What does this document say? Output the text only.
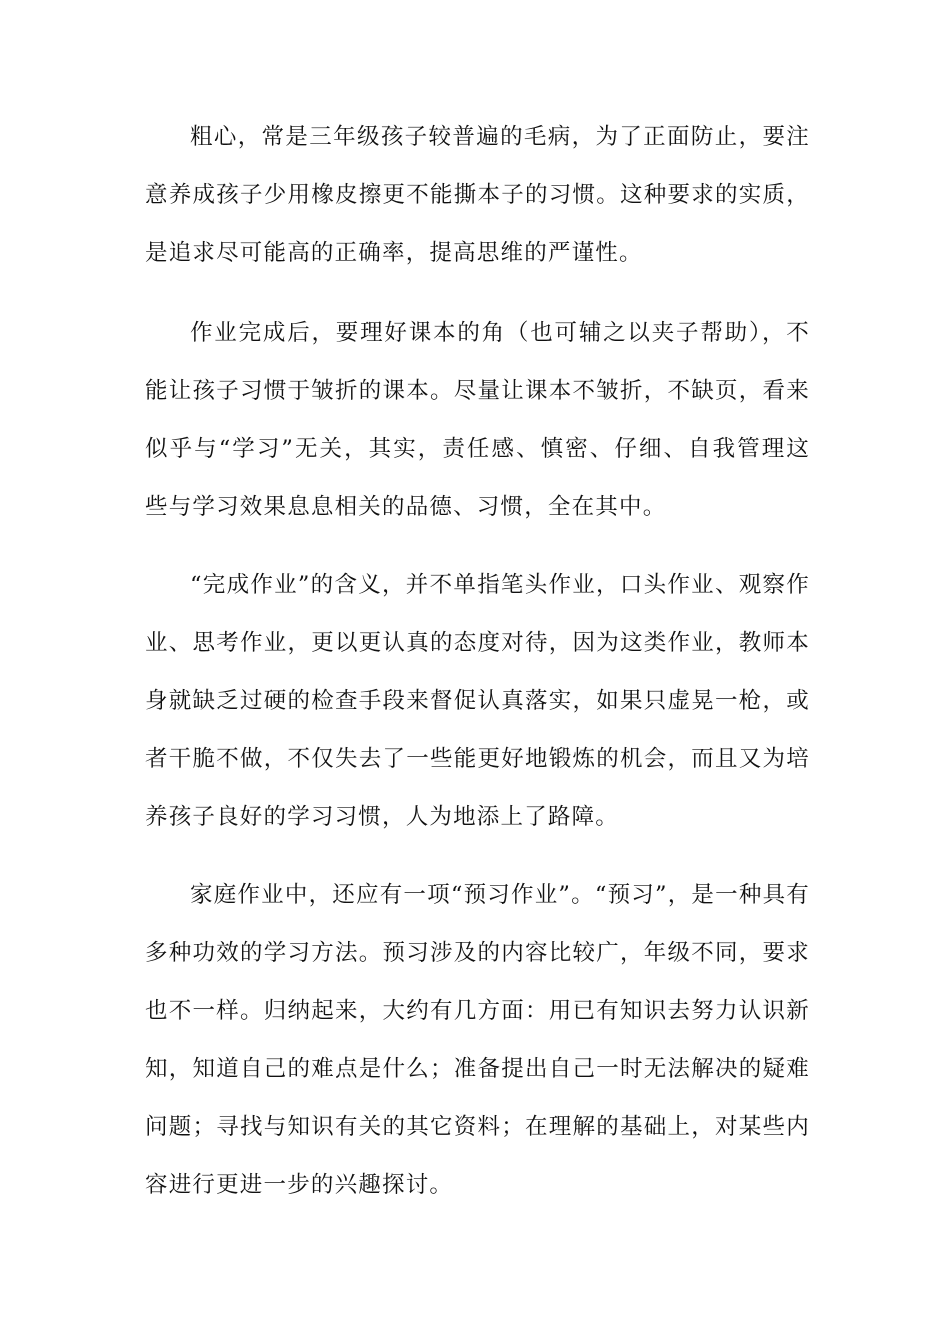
粗心，常是三年级孩子较普遍的毛病，为了正面防止，要注意养成孩子少用橡皮擦更不能撕本子的习惯。这种要求的实质，是追求尽可能高的正确率，提高思维的严谨性。

作业完成后，要理好课本的角（也可辅之以夹子帮助），不能让孩子习惯于皱折的课本。尽量让课本不皱折，不缺页，看来似乎与“学习”无关，其实，责任感、慎密、仔细、自我管理这些与学习效果息息相关的品德、习惯，全在其中。

“完成作业”的含义，并不单指笔头作业，口头作业、观察作业、思考作业，更以更认真的态度对待，因为这类作业，教师本身就缺乏过硬的检查手段来督促认真落实，如果只虚晃一枪，或者干脆不做，不仅失去了一些能更好地锻炼的机会，而且又为培养孩子良好的学习习惯，人为地添上了路障。

家庭作业中，还应有一项“预习作业”。“预习”，是一种具有多种功效的学习方法。预习涉及的内容比较广，年级不同，要求也不一样。归纳起来，大约有几方面：用已有知识去努力认识新知，知道自己的难点是什么；准备提出自己一时无法解决的疑难问题；寻找与知识有关的其它资料；在理解的基础上，对某些内容进行更进一步的兴趣探讨。
